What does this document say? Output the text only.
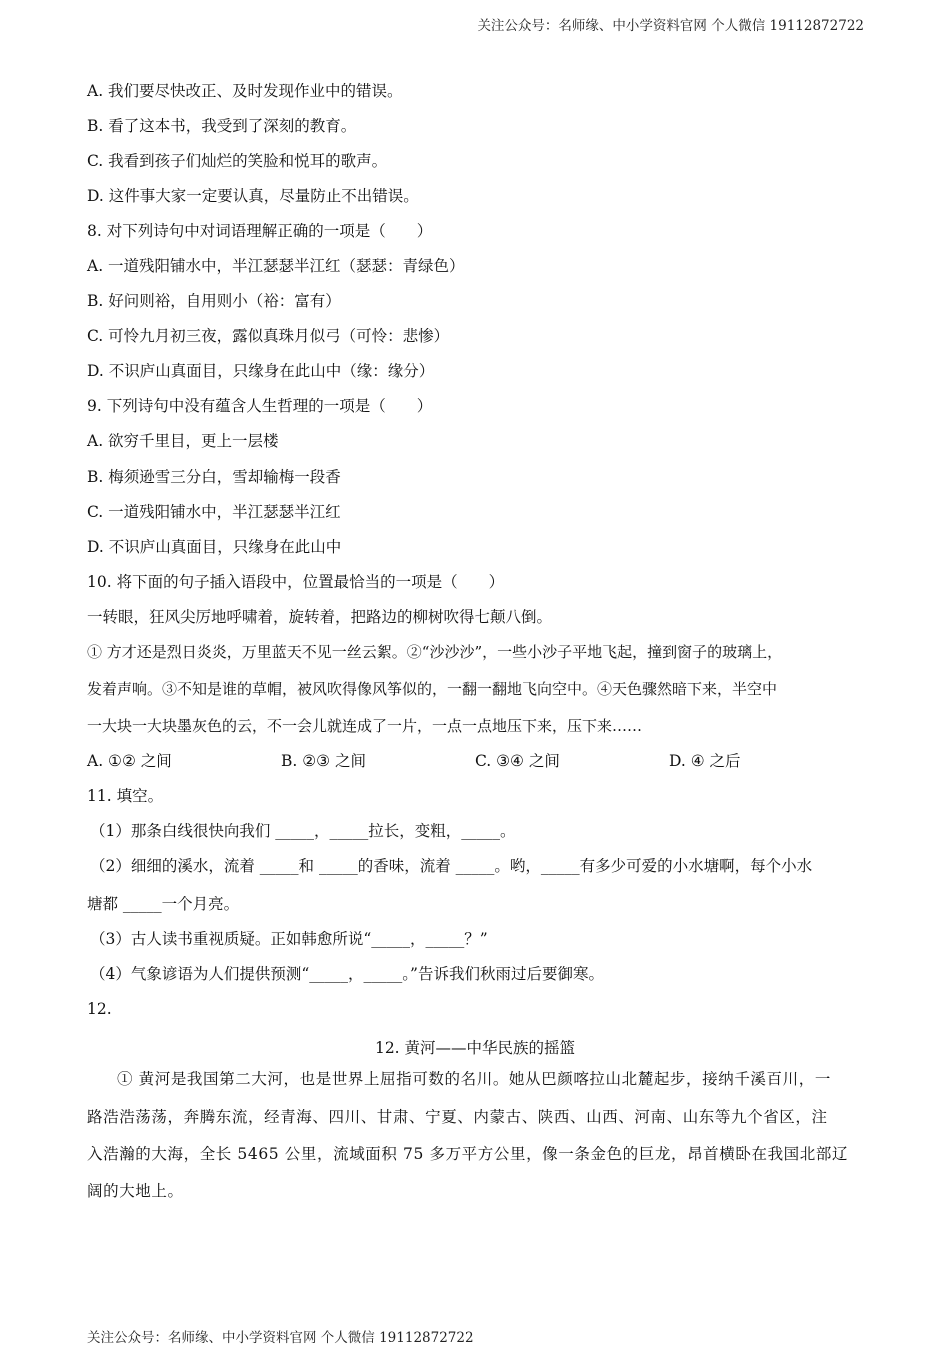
关注公众号：名师缘、中小学资料官网 个人微信 19112872722
A. 我们要尽快改正、及时发现作业中的错误。
B. 看了这本书，我受到了深刻的教育。
C. 我看到孩子们灿烂的笑脸和悦耳的歌声。
D. 这件事大家一定要认真，尽量防止不出错误。
8. 对下列诗句中对词语理解正确的一项是（　　）
A. 一道残阳铺水中，半江瑟瑟半江红（瑟瑟：青绿色）
B. 好问则裕，自用则小（裕：富有）
C. 可怜九月初三夜，露似真珠月似弓（可怜：悲惨）
D. 不识庐山真面目，只缘身在此山中（缘：缘分）
9. 下列诗句中没有蕴含人生哲理的一项是（　　）
A. 欲穷千里目，更上一层楼
B. 梅须逊雪三分白，雪却输梅一段香
C. 一道残阳铺水中，半江瑟瑟半江红
D. 不识庐山真面目，只缘身在此山中
10. 将下面的句子插入语段中，位置最恰当的一项是（　　）
一转眼，狂风尖厉地呼啸着，旋转着，把路边的柳树吹得七颠八倒。
① 方才还是烈日炎炎，万里蓝天不见一丝云絮。②“沙沙沙”，一些小沙子平地飞起，撞到窗子的玻璃上，
发着声响。③不知是谁的草帽，被风吹得像风筝似的，一翻一翻地飞向空中。④天色骤然暗下来，半空中
一大块一大块墨灰色的云，不一会儿就连成了一片，一点一点地压下来，压下来……
A. ①② 之间	B. ②③ 之间	C. ③④ 之间	D. ④ 之后
11. 填空。
（1）那条白线很快向我们 _____，_____拉长，变粗，_____。
（2）细细的溪水，流着 _____和 _____的香味，流着 _____。哟，_____有多少可爱的小水塘啊，每个小水
塘都 _____一个月亮。
（3）古人读书重视质疑。正如韩愈所说“_____，_____？”
（4）气象谚语为人们提供预测“_____，_____。”告诉我们秋雨过后要御寒。
12.
12. 黄河——中华民族的摇篮
① 黄河是我国第二大河，也是世界上屈指可数的名川。她从巴颜喀拉山北麓起步，接纳千溪百川，一
路浩浩荡荡，奔腾东流，经青海、四川、甘肃、宁夏、内蒙古、陕西、山西、河南、山东等九个省区，注
入浩瀚的大海，全长 5465 公里，流域面积 75 多万平方公里，像一条金色的巨龙，昂首横卧在我国北部辽
阔的大地上。
关注公众号：名师缘、中小学资料官网 个人微信 19112872722
